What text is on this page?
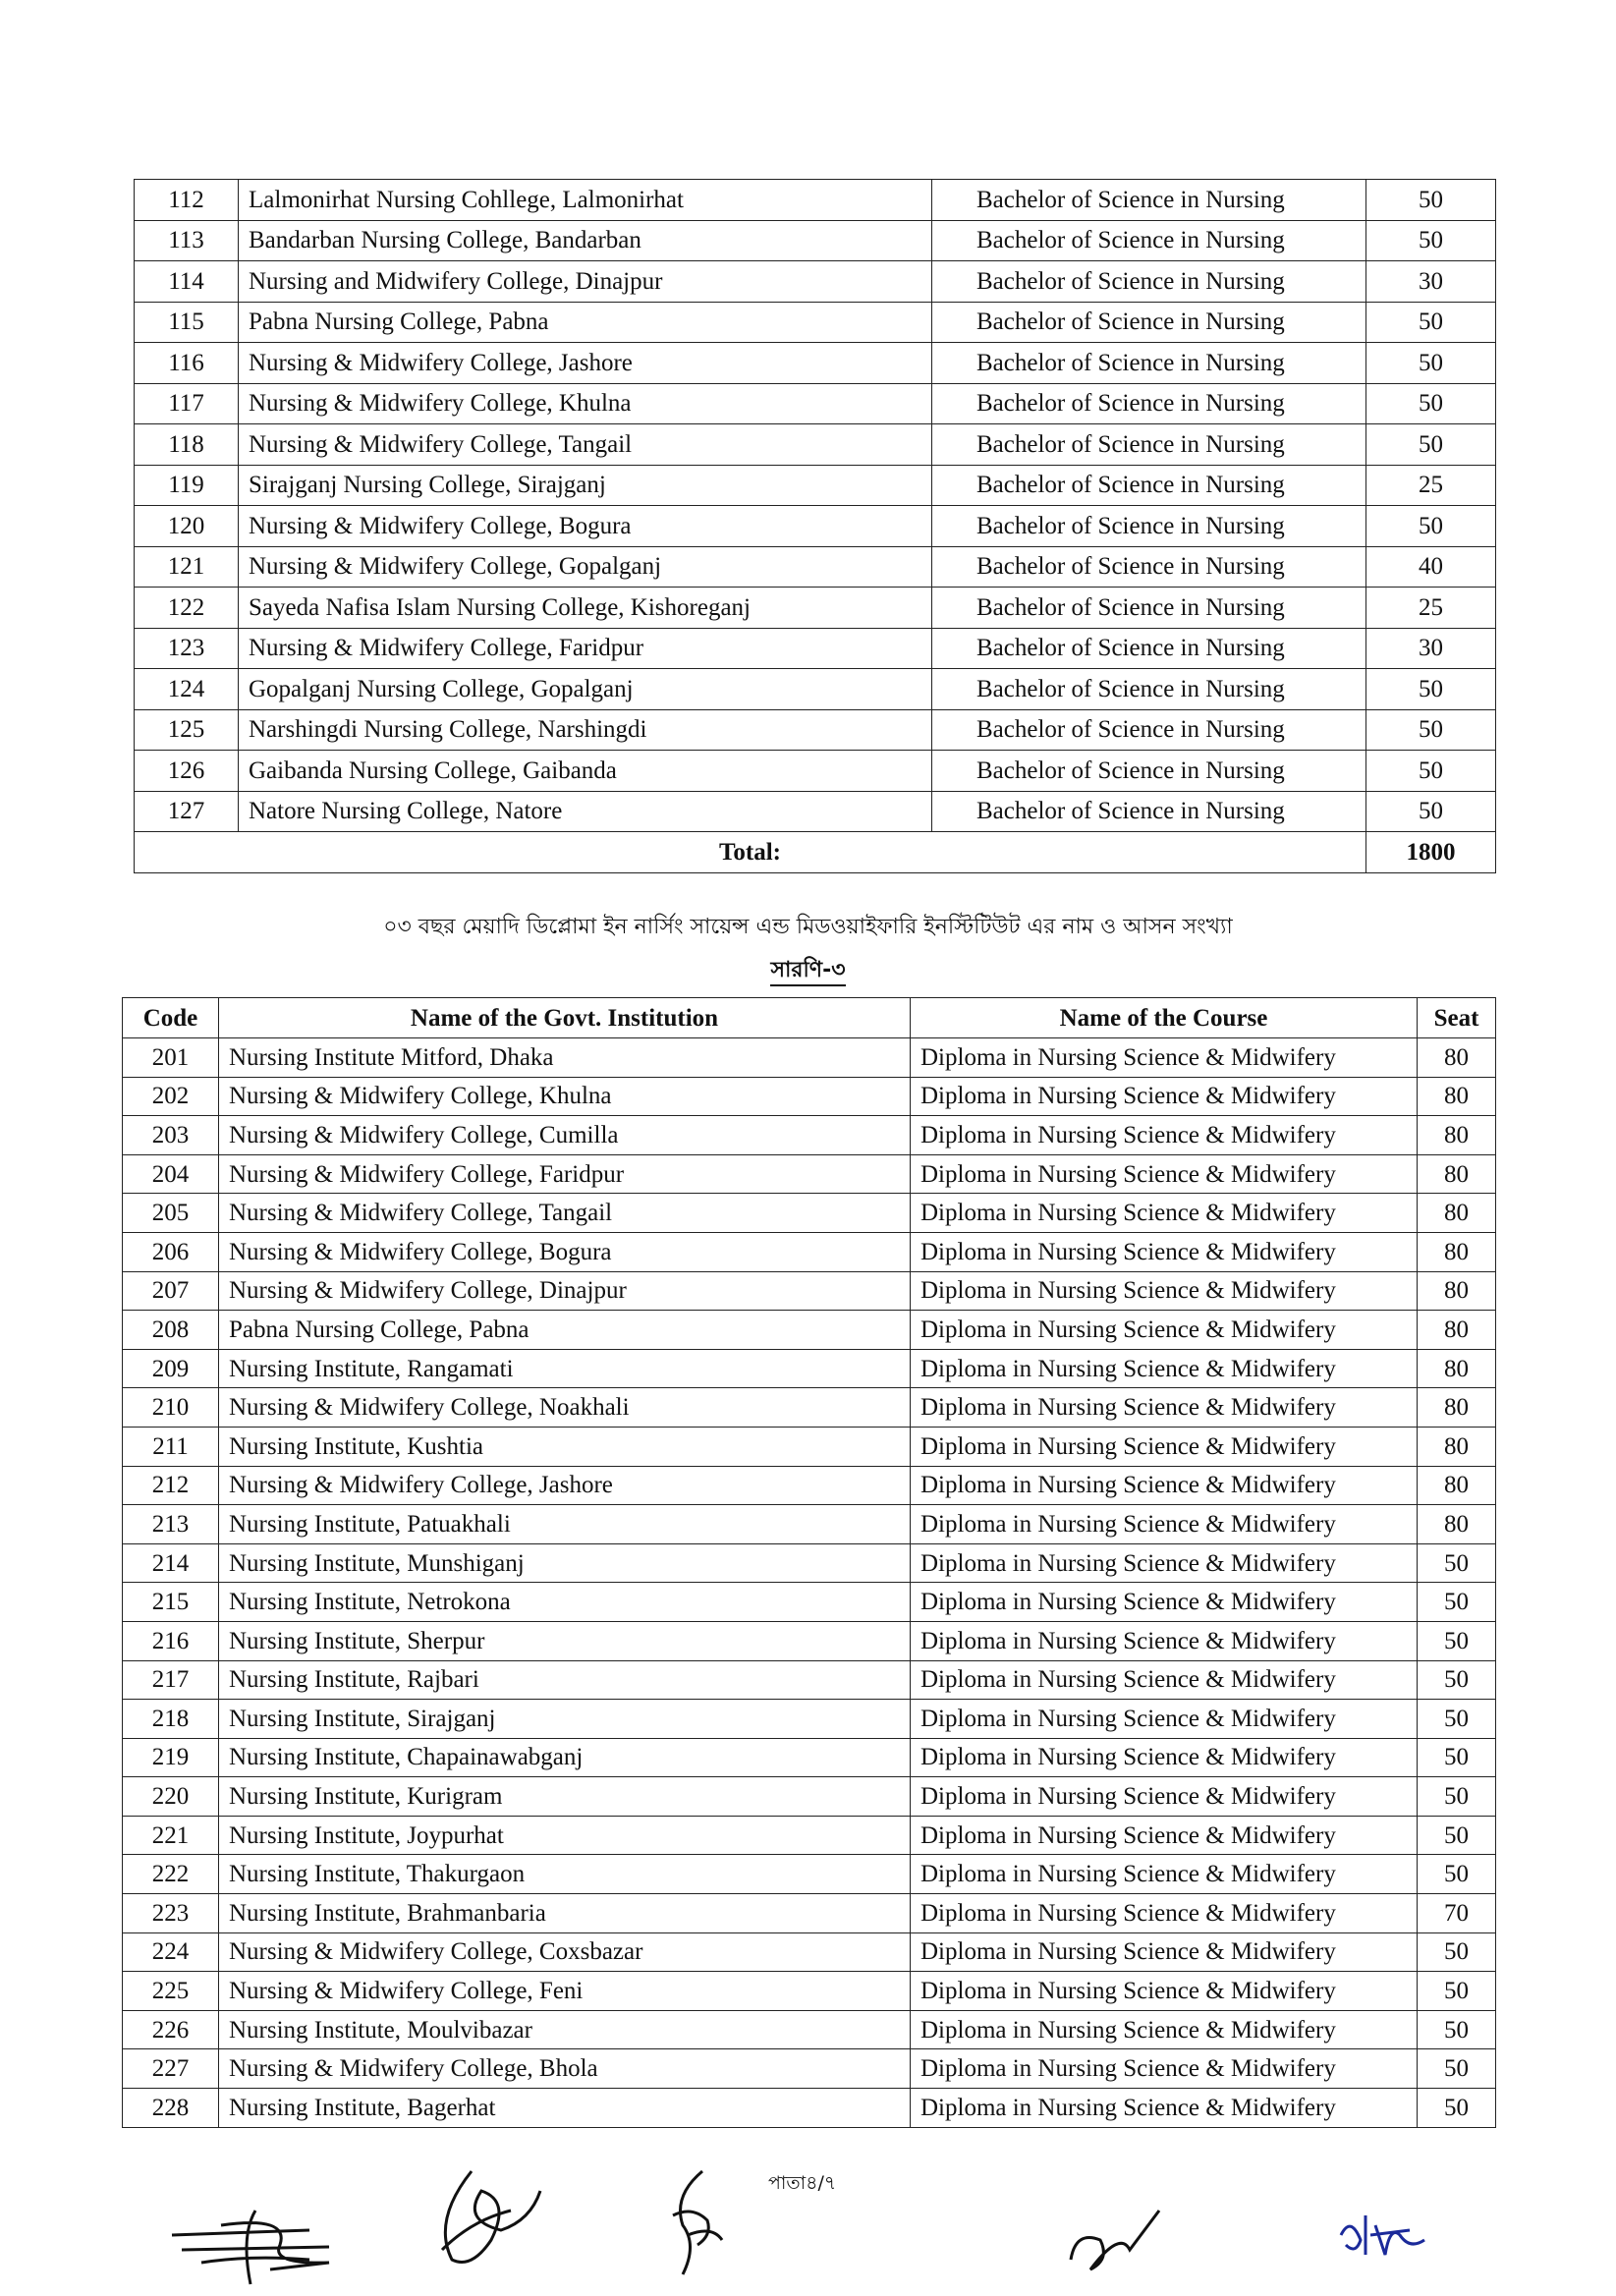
112	Lalmonirhat Nursing Cohllege, Lalmonirhat	Bachelor of Science in Nursing	50
113	Bandarban Nursing College, Bandarban	Bachelor of Science in Nursing	50
114	Nursing and Midwifery College, Dinajpur	Bachelor of Science in Nursing	30
115	Pabna Nursing College, Pabna	Bachelor of Science in Nursing	50
116	Nursing & Midwifery College, Jashore	Bachelor of Science in Nursing	50
117	Nursing & Midwifery College, Khulna	Bachelor of Science in Nursing	50
118	Nursing & Midwifery College, Tangail	Bachelor of Science in Nursing	50
119	Sirajganj Nursing College, Sirajganj	Bachelor of Science in Nursing	25
120	Nursing & Midwifery College, Bogura	Bachelor of Science in Nursing	50
121	Nursing & Midwifery College, Gopalganj	Bachelor of Science in Nursing	40
122	Sayeda Nafisa Islam Nursing College, Kishoreganj	Bachelor of Science in Nursing	25
123	Nursing & Midwifery College, Faridpur	Bachelor of Science in Nursing	30
124	Gopalganj Nursing College, Gopalganj	Bachelor of Science in Nursing	50
125	Narshingdi Nursing College, Narshingdi	Bachelor of Science in Nursing	50
126	Gaibanda Nursing College, Gaibanda	Bachelor of Science in Nursing	50
127	Natore Nursing College, Natore	Bachelor of Science in Nursing	50
Total:			1800
০৩ বছর মেয়াদি ডিপ্লোমা ইন নার্সিং সায়েন্স এন্ড মিডওয়াইফারি ইনস্টিটিউট এর নাম ও আসন সংখ্যা
সারণি-৩
Code	Name of the Govt. Institution	Name of the Course	Seat
201	Nursing Institute Mitford, Dhaka	Diploma in Nursing Science & Midwifery	80
202	Nursing & Midwifery College, Khulna	Diploma in Nursing Science & Midwifery	80
203	Nursing & Midwifery College, Cumilla	Diploma in Nursing Science & Midwifery	80
204	Nursing & Midwifery College, Faridpur	Diploma in Nursing Science & Midwifery	80
205	Nursing & Midwifery College, Tangail	Diploma in Nursing Science & Midwifery	80
206	Nursing & Midwifery College, Bogura	Diploma in Nursing Science & Midwifery	80
207	Nursing & Midwifery College, Dinajpur	Diploma in Nursing Science & Midwifery	80
208	Pabna Nursing College, Pabna	Diploma in Nursing Science & Midwifery	80
209	Nursing Institute, Rangamati	Diploma in Nursing Science & Midwifery	80
210	Nursing & Midwifery College, Noakhali	Diploma in Nursing Science & Midwifery	80
211	Nursing Institute, Kushtia	Diploma in Nursing Science & Midwifery	80
212	Nursing & Midwifery College, Jashore	Diploma in Nursing Science & Midwifery	80
213	Nursing Institute, Patuakhali	Diploma in Nursing Science & Midwifery	80
214	Nursing Institute, Munshiganj	Diploma in Nursing Science & Midwifery	50
215	Nursing Institute, Netrokona	Diploma in Nursing Science & Midwifery	50
216	Nursing Institute, Sherpur	Diploma in Nursing Science & Midwifery	50
217	Nursing Institute, Rajbari	Diploma in Nursing Science & Midwifery	50
218	Nursing Institute, Sirajganj	Diploma in Nursing Science & Midwifery	50
219	Nursing Institute, Chapainawabganj	Diploma in Nursing Science & Midwifery	50
220	Nursing Institute, Kurigram	Diploma in Nursing Science & Midwifery	50
221	Nursing Institute, Joypurhat	Diploma in Nursing Science & Midwifery	50
222	Nursing Institute, Thakurgaon	Diploma in Nursing Science & Midwifery	50
223	Nursing Institute, Brahmanbaria	Diploma in Nursing Science & Midwifery	70
224	Nursing & Midwifery College, Coxsbazar	Diploma in Nursing Science & Midwifery	50
225	Nursing & Midwifery College, Feni	Diploma in Nursing Science & Midwifery	50
226	Nursing Institute, Moulvibazar	Diploma in Nursing Science & Midwifery	50
227	Nursing & Midwifery College, Bhola	Diploma in Nursing Science & Midwifery	50
228	Nursing Institute, Bagerhat	Diploma in Nursing Science & Midwifery	50
পাতা৪/৭
